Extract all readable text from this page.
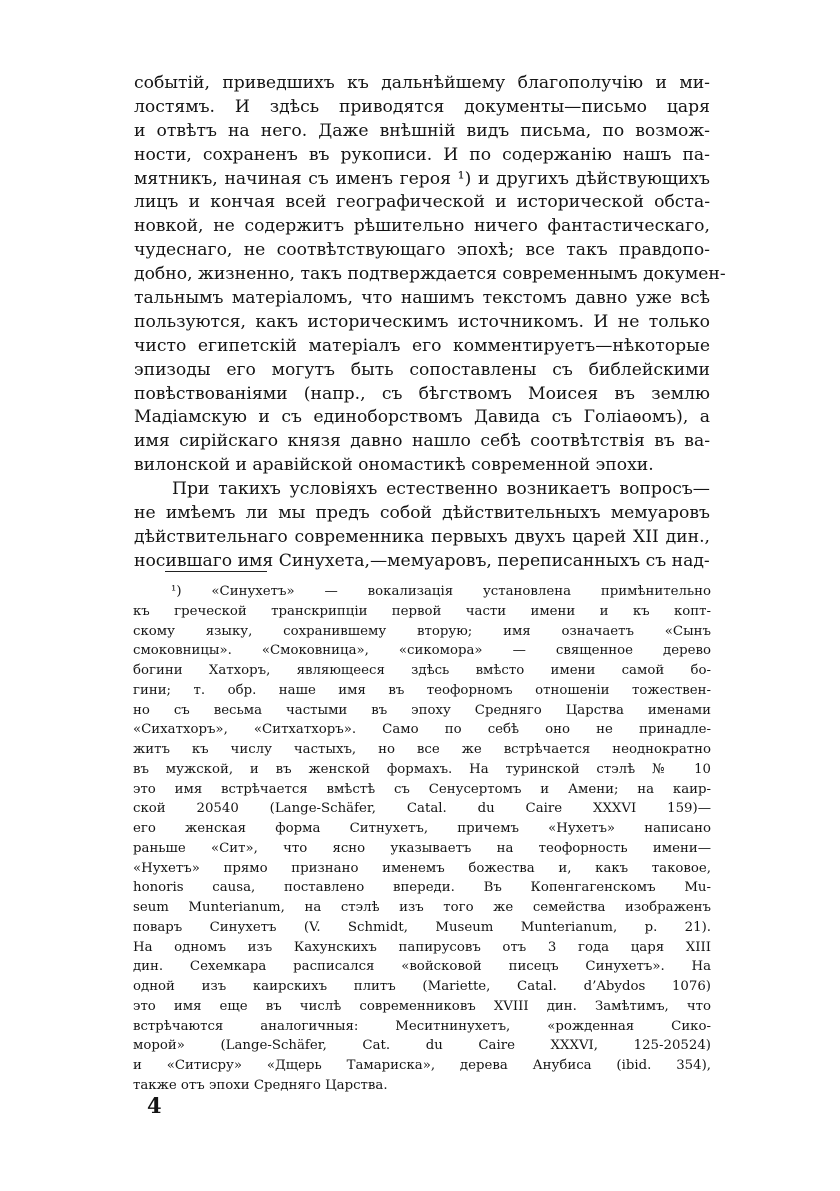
событій, приведшихъ къ дальнѣйшему благополучію и ми-
лостямъ. И здѣсь приводятся документы—письмо царя
и отвѣтъ на него. Даже внѣшній видъ письма, по возмож-
ности, сохраненъ въ рукописи. И по содержанію нашъ па-
мятникъ, начиная съ именъ героя ¹) и другихъ дѣйствующихъ
лицъ и кончая всей географической и исторической обста-
новкой, не содержитъ рѣшительно ничего фантастическаго,
чудеснаго, не соотвѣтствующаго эпохѣ; все такъ правдопо-
добно, жизненно, такъ подтверждается современнымъ докумен-
тальнымъ матеріаломъ, что нашимъ текстомъ давно уже всѣ
пользуются, какъ историческимъ источникомъ. И не только
чисто египетскій матеріалъ его комментируетъ—нѣкоторые
эпизоды его могутъ быть сопоставлены съ библейскими
повѣствованіями (напр., съ бѣгствомъ Моисея въ землю
Мадіамскую и съ единоборствомъ Давида съ Голіаѳомъ), а
имя сирійскаго князя давно нашло себѣ соотвѣтствія въ ва-
вилонской и аравійской ономастикѣ современной эпохи.
При такихъ условіяхъ естественно возникаетъ вопросъ—
не имѣемъ ли мы предъ собой дѣйствительныхъ мемуаровъ
дѣйствительнаго современника первыхъ двухъ царей XII дин.,
носившаго имя Синухета,—мемуаровъ, переписанныхъ съ над-
¹) «Синухетъ» — вокализація установлена примѣнительно
къ греческой транскрипціи первой части имени и къ копт-
скому языку, сохранившему вторую; имя означаетъ «Сынъ
смоковницы». «Смоковница», «сикомора» — священное дерево
богини Хатхоръ, являющееся здѣсь вмѣсто имени самой бо-
гини; т. обр. наше имя въ теофорномъ отношеніи тожествен-
но съ весьма частыми въ эпоху Средняго Царства именами
«Сихатхоръ», «Ситхатхоръ». Само по себѣ оно не принадле-
житъ къ числу частыхъ, но все же встрѣчается неоднократно
въ мужской, и въ женской формахъ. На туринской стэлѣ № 10
это имя встрѣчается вмѣстѣ съ Сенусертомъ и Амени; на каир-
ской 20540 (Lange-Schäfer, Catal. du Caire XXXVI 159)—
его женская форма Ситнухетъ, причемъ «Нухетъ» написано
раньше «Сит», что ясно указываетъ на теофорность имени—
«Нухетъ» прямо признано именемъ божества и, какъ таковое,
honoris causa, поставлено впереди. Въ Копенгагенскомъ Mu-
seum Munterianum, на стэлѣ изъ того же семейства изображенъ
поваръ Синухетъ (V. Schmidt, Museum Munterianum, p. 21).
На одномъ изъ Кахунскихъ папирусовъ отъ 3 года царя XIII
дин. Сехемкара расписался «войсковой писецъ Синухетъ». На
одной изъ каирскихъ плитъ (Mariette, Catal. d’Abydos 1076)
это имя еще въ числѣ современниковъ XVIII дин. Замѣтимъ, что
встрѣчаются аналогичныя: Меситнинухетъ, «рожденная Сико-
морой» (Lange-Schäfer, Cat. du Caire XXXVI, 125-20524)
и «Ситисру» «Дщерь Тамариска», дерева Анубиса (ibid. 354),
также отъ эпохи Средняго Царства.
4
